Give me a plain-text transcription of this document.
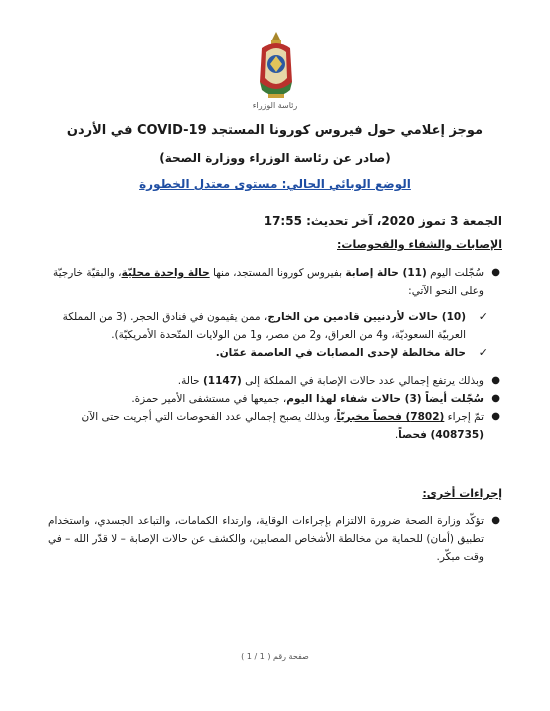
رئاسة الوزراء
موجز إعلامي حول فيروس كورونا المستجد COVID-19 في الأردن
(صادر عن رئاسة الوزراء ووزارة الصحة)
الوضع الوبائي الحالي: مستوى معتدل الخطورة
الجمعة 3 تموز 2020، آخر تحديث: 17:55
الإصابات والشفاء والفحوصات:
●
سُجّلت اليوم (11) حالة إصابة بفيروس كورونا المستجد، منها حالة واحدة محليّة، والبقيّة خارجيّة
وعلى النحو الآتي:
✓
(10) حالات لأردنيين قادمين من الخارج، ممن يقيمون في فنادق الحجر. (3 من المملكة العربيّة السعوديّة، و4 من العراق، و2 من مصر، و1 من الولايات المتّحدة الأمريكيّة).
✓
حالة مخالطة لإحدى المصابات في العاصمة عمّان.
●
وبذلك يرتفع إجمالي عدد حالات الإصابة في المملكة إلى (1147) حالة.
●
سُجّلت أيضاً (3) حالات شفاء لهذا اليوم، جميعها في مستشفى الأمير حمزة.
●
تمّ إجراء (7802) فحصاً مخبريّاً، وبذلك يصبح إجمالي عدد الفحوصات التي أجريت حتى الآن (408735) فحصاً.
إجراءات أخرى:
●
تؤكّد وزارة الصحة ضرورة الالتزام بإجراءات الوقاية، وارتداء الكمامات، والتباعد الجسدي، واستخدام تطبيق (أمان) للحماية من مخالطة الأشخاص المصابين، والكشف عن حالات الإصابة – لا قدّر الله – في وقت مبكّر.
صفحة رقم ( 1 / 1 )
